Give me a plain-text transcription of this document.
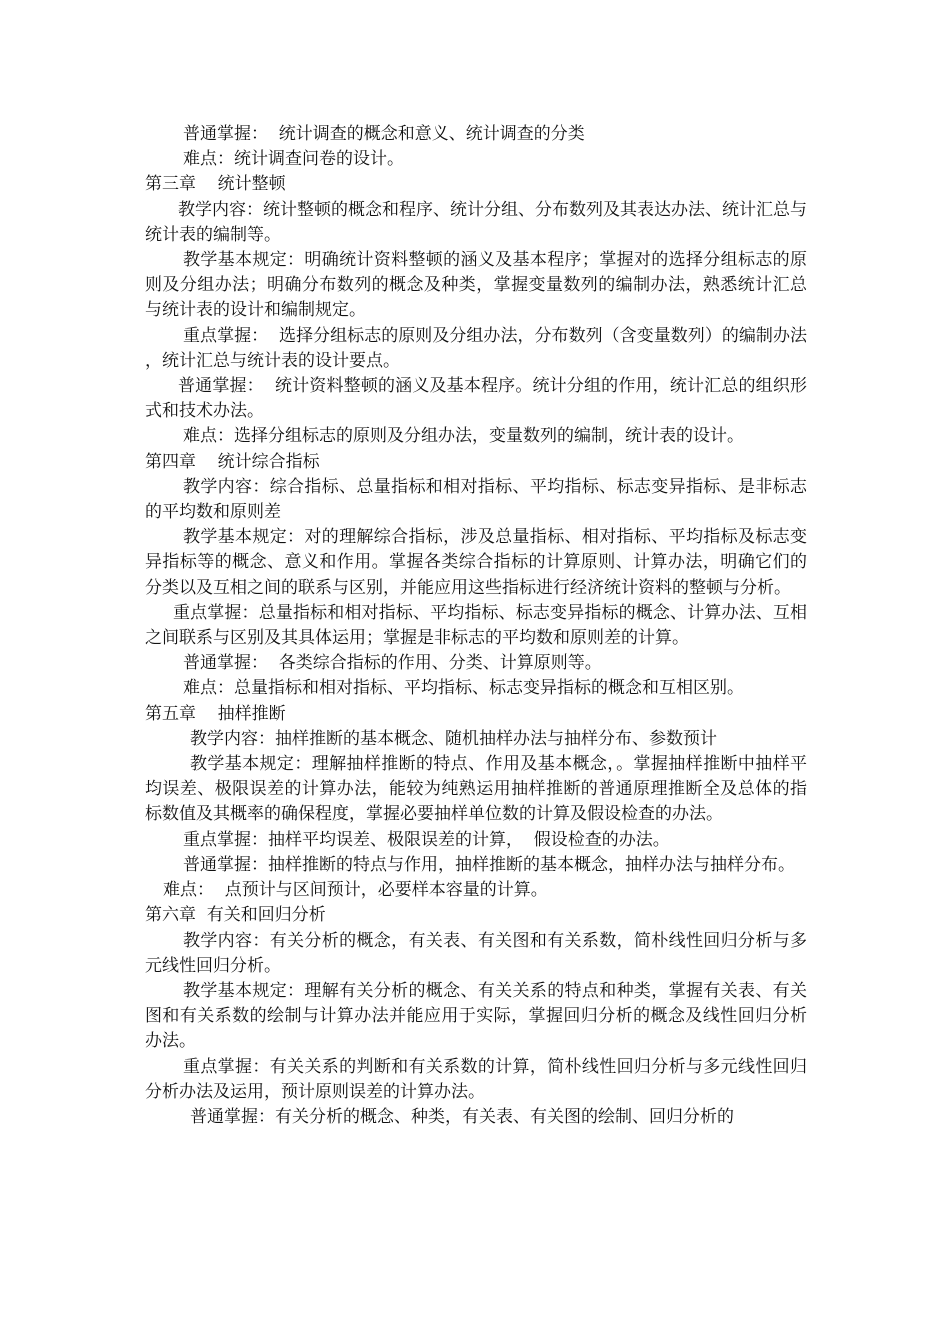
普通掌握：  统计调查的概念和意义、统计调查的分类

难点：统计调查问卷的设计。

第三章    统计整顿

教学内容：统计整顿的概念和程序、统计分组、分布数列及其表达办法、统计汇总与统计表的编制等。

教学基本规定：明确统计资料整顿的涵义及基本程序；掌握对的选择分组标志的原则及分组办法；明确分布数列的概念及种类，掌握变量数列的编制办法，熟悉统计汇总与统计表的设计和编制规定。

重点掌握：  选择分组标志的原则及分组办法，分布数列（含变量数列）的编制办法，统计汇总与统计表的设计要点。

普通掌握：  统计资料整顿的涵义及基本程序。统计分组的作用，统计汇总的组织形式和技术办法。

难点：选择分组标志的原则及分组办法，变量数列的编制，统计表的设计。

第四章    统计综合指标

教学内容：综合指标、总量指标和相对指标、平均指标、标志变异指标、是非标志的平均数和原则差

教学基本规定：对的理解综合指标，涉及总量指标、相对指标、平均指标及标志变异指标等的概念、意义和作用。掌握各类综合指标的计算原则、计算办法，明确它们的分类以及互相之间的联系与区别，并能应用这些指标进行经济统计资料的整顿与分析。

重点掌握：总量指标和相对指标、平均指标、标志变异指标的概念、计算办法、互相之间联系与区别及其具体运用；掌握是非标志的平均数和原则差的计算。

普通掌握：  各类综合指标的作用、分类、计算原则等。

难点：总量指标和相对指标、平均指标、标志变异指标的概念和互相区别。

第五章    抽样推断

教学内容：抽样推断的基本概念、随机抽样办法与抽样分布、参数预计

教学基本规定：理解抽样推断的特点、作用及基本概念，。掌握抽样推断中抽样平均误差、极限误差的计算办法，能较为纯熟运用抽样推断的普通原理推断全及总体的指标数值及其概率的确保程度，掌握必要抽样单位数的计算及假设检查的办法。

重点掌握：抽样平均误差、极限误差的计算，  假设检查的办法。

普通掌握：抽样推断的特点与作用，抽样推断的基本概念，抽样办法与抽样分布。

难点：  点预计与区间预计，必要样本容量的计算。

第六章  有关和回归分析

教学内容：有关分析的概念，有关表、有关图和有关系数，简朴线性回归分析与多元线性回归分析。

教学基本规定：理解有关分析的概念、有关关系的特点和种类，掌握有关表、有关图和有关系数的绘制与计算办法并能应用于实际，掌握回归分析的概念及线性回归分析办法。

重点掌握：有关关系的判断和有关系数的计算，简朴线性回归分析与多元线性回归分析办法及运用，预计原则误差的计算办法。

普通掌握：有关分析的概念、种类，有关表、有关图的绘制、回归分析的
